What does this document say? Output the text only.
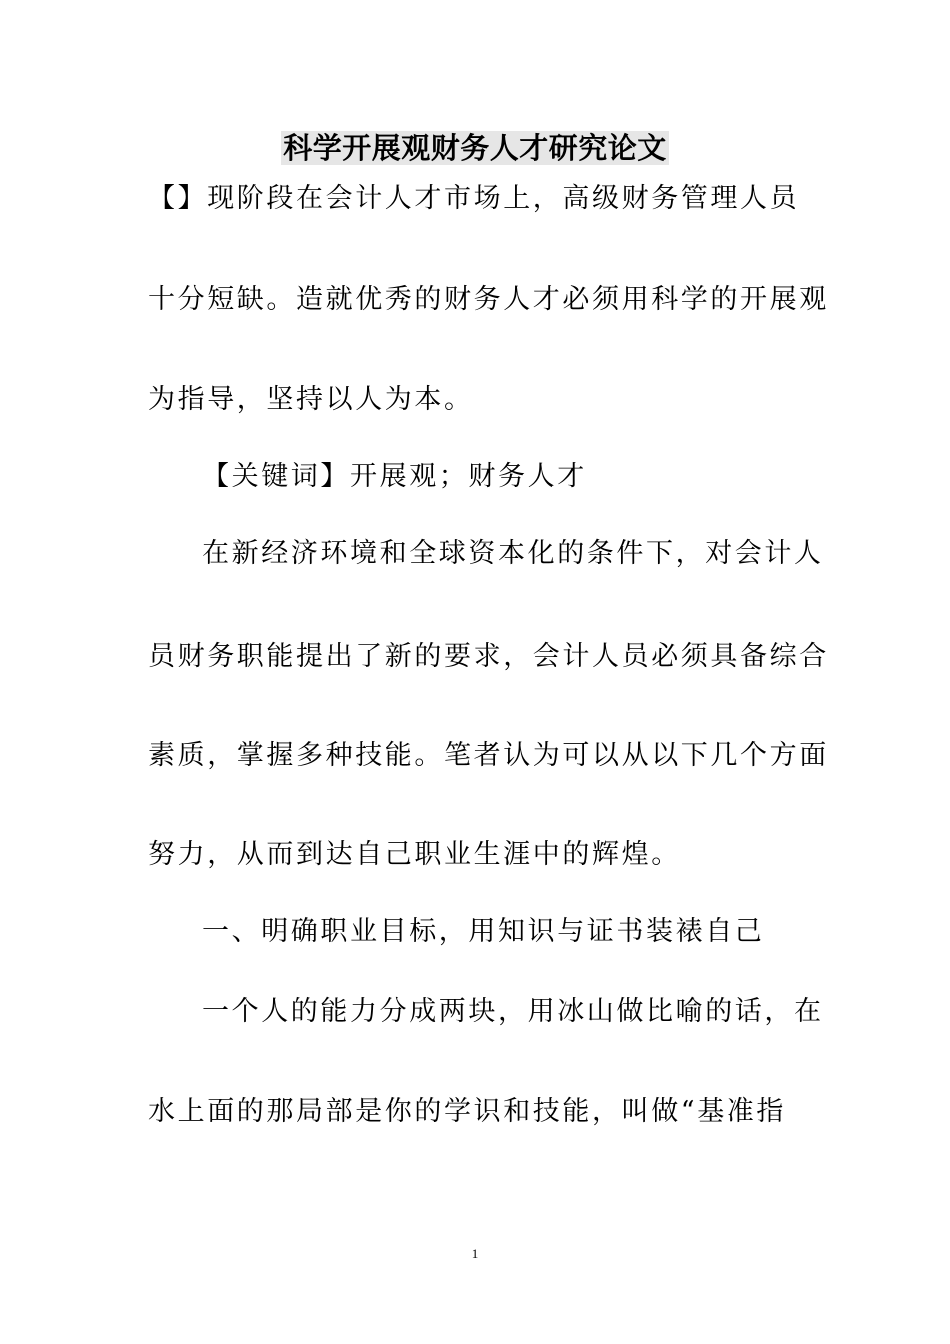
科学开展观财务人才研究论文
【】现阶段在会计人才市场上，高级财务管理人员
十分短缺。造就优秀的财务人才必须用科学的开展观
为指导，坚持以人为本。
【关键词】开展观；财务人才
在新经济环境和全球资本化的条件下，对会计人
员财务职能提出了新的要求，会计人员必须具备综合
素质，掌握多种技能。笔者认为可以从以下几个方面
努力，从而到达自己职业生涯中的辉煌。
一、明确职业目标，用知识与证书装裱自己
一个人的能力分成两块，用冰山做比喻的话，在
水上面的那局部是你的学识和技能，叫做“基准指
1
